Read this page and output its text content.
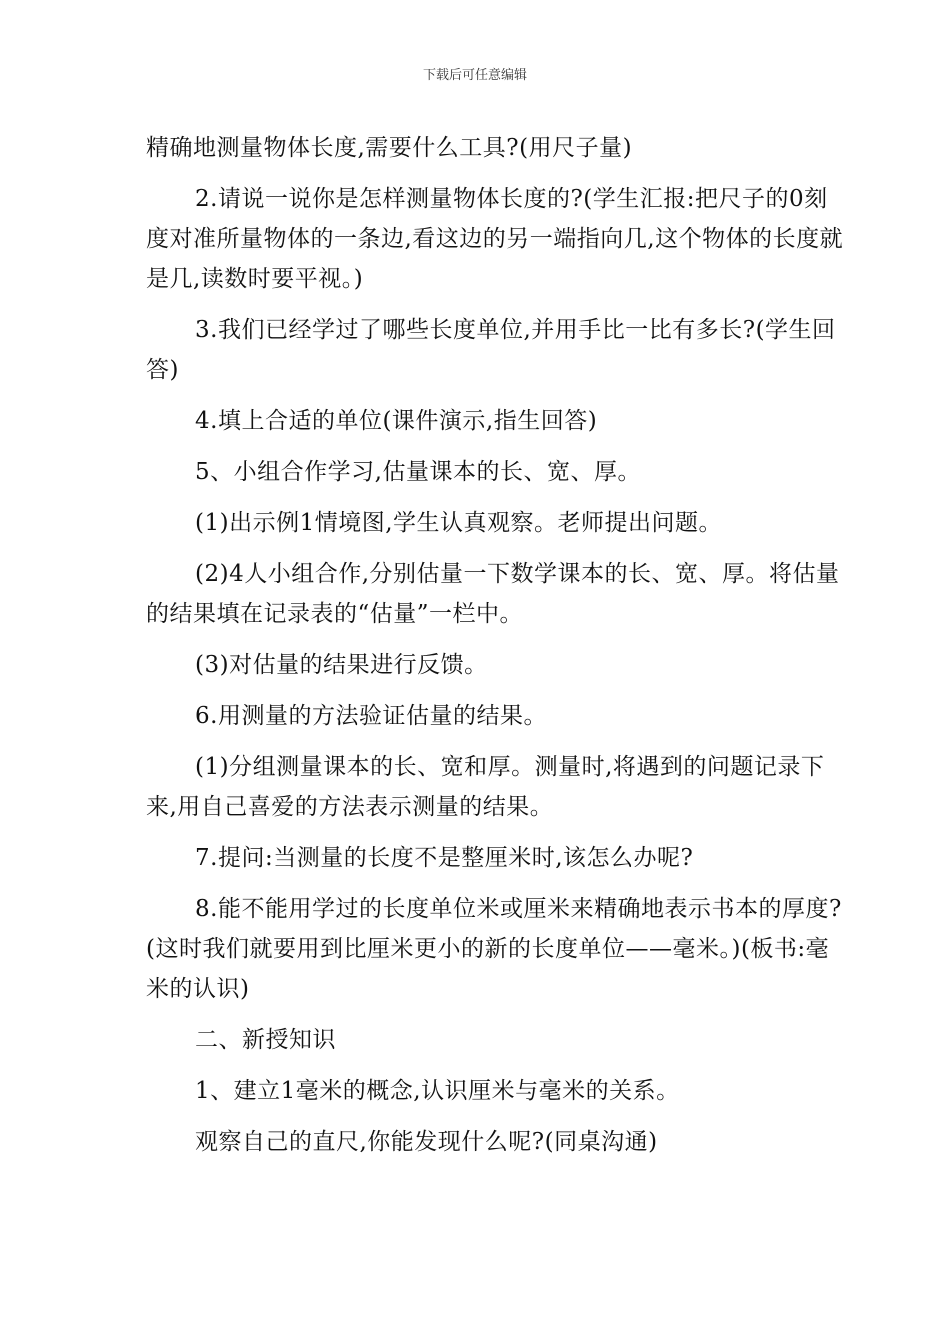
下载后可任意编辑

精确地测量物体长度,需要什么工具?(用尺子量)

2.请说一说你是怎样测量物体长度的?(学生汇报:把尺子的0刻度对准所量物体的一条边,看这边的另一端指向几,这个物体的长度就是几,读数时要平视。)

3.我们已经学过了哪些长度单位,并用手比一比有多长?(学生回答)

4.填上合适的单位(课件演示,指生回答)

5、小组合作学习,估量课本的长、宽、厚。

(1)出示例1情境图,学生认真观察。老师提出问题。

(2)4人小组合作,分别估量一下数学课本的长、宽、厚。将估量的结果填在记录表的“估量”一栏中。

(3)对估量的结果进行反馈。

6.用测量的方法验证估量的结果。

(1)分组测量课本的长、宽和厚。测量时,将遇到的问题记录下来,用自己喜爱的方法表示测量的结果。

7.提问:当测量的长度不是整厘米时,该怎么办呢?

8.能不能用学过的长度单位米或厘米来精确地表示书本的厚度?(这时我们就要用到比厘米更小的新的长度单位——毫米。)(板书:毫米的认识)

二、新授知识

1、建立1毫米的概念,认识厘米与毫米的关系。

观察自己的直尺,你能发现什么呢?(同桌沟通)
